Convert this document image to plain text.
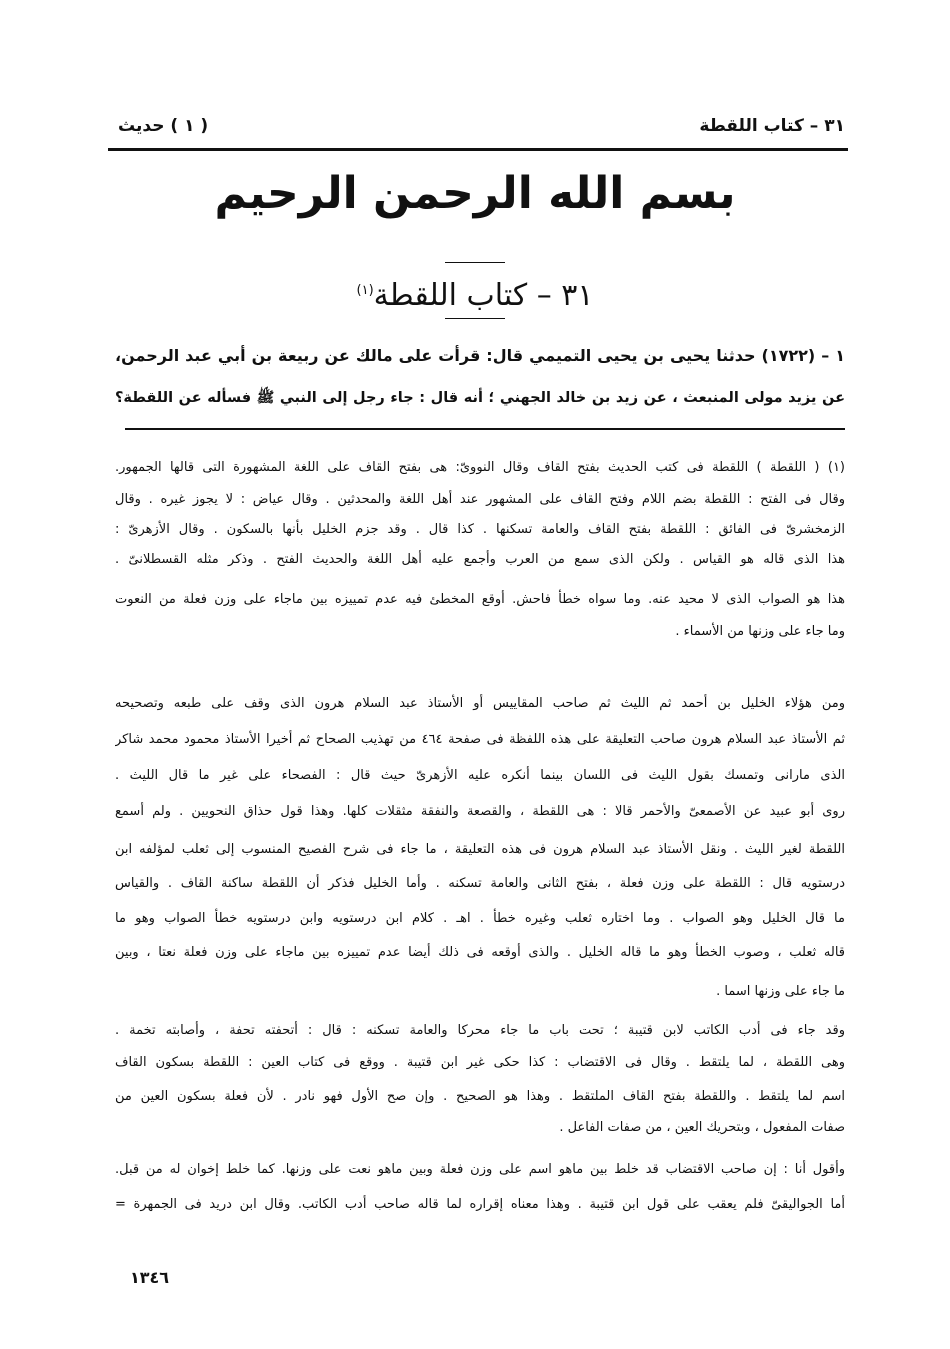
٣١ – كتاب اللقطة
( ١ ) حديث
بسم الله الرحمن الرحيم
٣١ – كتاب اللقطة$^{(١)}$
١ – (١٧٢٢) حدثنا يحيى بن يحيى التميمي قال: قرأت على مالك عن ربيعة بن أبي عبد الرحمن،
عن يزيد مولى المنبعث ، عن زيد بن خالد الجهني ؛ أنه قال : جاء رجل إلى النبي ﷺ فسأله عن اللقطة؟
(١) ( اللقطة ) اللقطة فى كتب الحديث بفتح القاف وقال النووىّ: هى بفتح القاف على اللغة المشهورة التى قالها الجمهور.
وقال فى الفتح : اللقطة بضم اللام وفتح القاف على المشهور عند أهل اللغة والمحدثين . وقال عياض : لا يجوز غيره . وقال
الزمخشرىّ فى الفائق : اللقطة بفتح القاف والعامة تسكنها . كذا قال . وقد جزم الخليل بأنها بالسكون . وقال الأزهرىّ :
هذا الذى قاله هو القياس . ولكن الذى سمع من العرب وأجمع عليه أهل اللغة والحديث الفتح . وذكر مثله القسطلانىّ .
هذا هو الصواب الذى لا محيد عنه. وما سواه خطأ فاحش. أوقع المخطئ فيه عدم تمييزه بين ماجاء على وزن فعلة من النعوت
وما جاء على وزنها من الأسماء .
ومن هؤلاء الخليل بن أحمد ثم الليث ثم صاحب المقاييس أو الأستاذ عبد السلام هرون الذى وقف على طبعه وتصحيحه
ثم الأستاذ عبد السلام هرون صاحب التعليقة على هذه اللفظة فى صفحة ٤٦٤ من تهذيب الصحاح ثم أخيرا الأستاذ محمود محمد شاكر
الذى مارانى وتمسك بقول الليث فى اللسان بينما أنكره عليه الأزهرىّ حيث قال : الفصحاء على غير ما قال الليث .
روى أبو عبيد عن الأصمعىّ والأحمر قالا : هى اللقطة ، والقصعة والنفقة مثقلات كلها. وهذا قول حذاق النحويين . ولم أسمع
اللقطة لغير الليث . ونقل الأستاذ عبد السلام هرون فى هذه التعليقة ، ما جاء فى شرح الفصيح المنسوب إلى ثعلب لمؤلفه ابن
درستويه قال : اللقطة على وزن فعلة ، بفتح الثانى والعامة تسكنه . وأما الخليل فذكر أن اللقطة ساكنة القاف . والقياس
ما قال الخليل وهو الصواب . وما اختاره ثعلب وغيره خطأ . اهـ . كلام ابن درستويه وابن درستويه خطأ الصواب وهو ما
قاله ثعلب ، وصوب الخطأ وهو ما قاله الخليل . والذى أوقعه فى ذلك أيضا عدم تمييزه بين ماجاء على وزن فعلة نعتا ، وبين
ما جاء على وزنها اسما .
وقد جاء فى أدب الكاتب لابن قتيبة ؛ تحت باب ما جاء محركا والعامة تسكنه : قال : أتحفته تحفة ، وأصابته تخمة .
وهى اللقطة ، لما يلتقط . وقال فى الاقتضاب : كذا حكى غير ابن قتيبة . ووقع فى كتاب العين : اللقطة بسكون القاف
اسم لما يلتقط . واللقطة بفتح القاف الملتقط . وهذا هو الصحيح . وإن صح الأول فهو نادر . لأن فعلة بسكون العين من
صفات المفعول ، وبتحريك العين ، من صفات الفاعل .
وأقول أنا : إن صاحب الاقتضاب قد خلط بين ماهو اسم على وزن فعلة وبين ماهو نعت على وزنها. كما خلط إخوان له من قبل.
أما الجواليقىّ فلم يعقب على قول ابن قتيبة . وهذا معناه إقراره لما قاله صاحب أدب الكاتب. وقال ابن دريد فى الجمهرة =
١٣٤٦
